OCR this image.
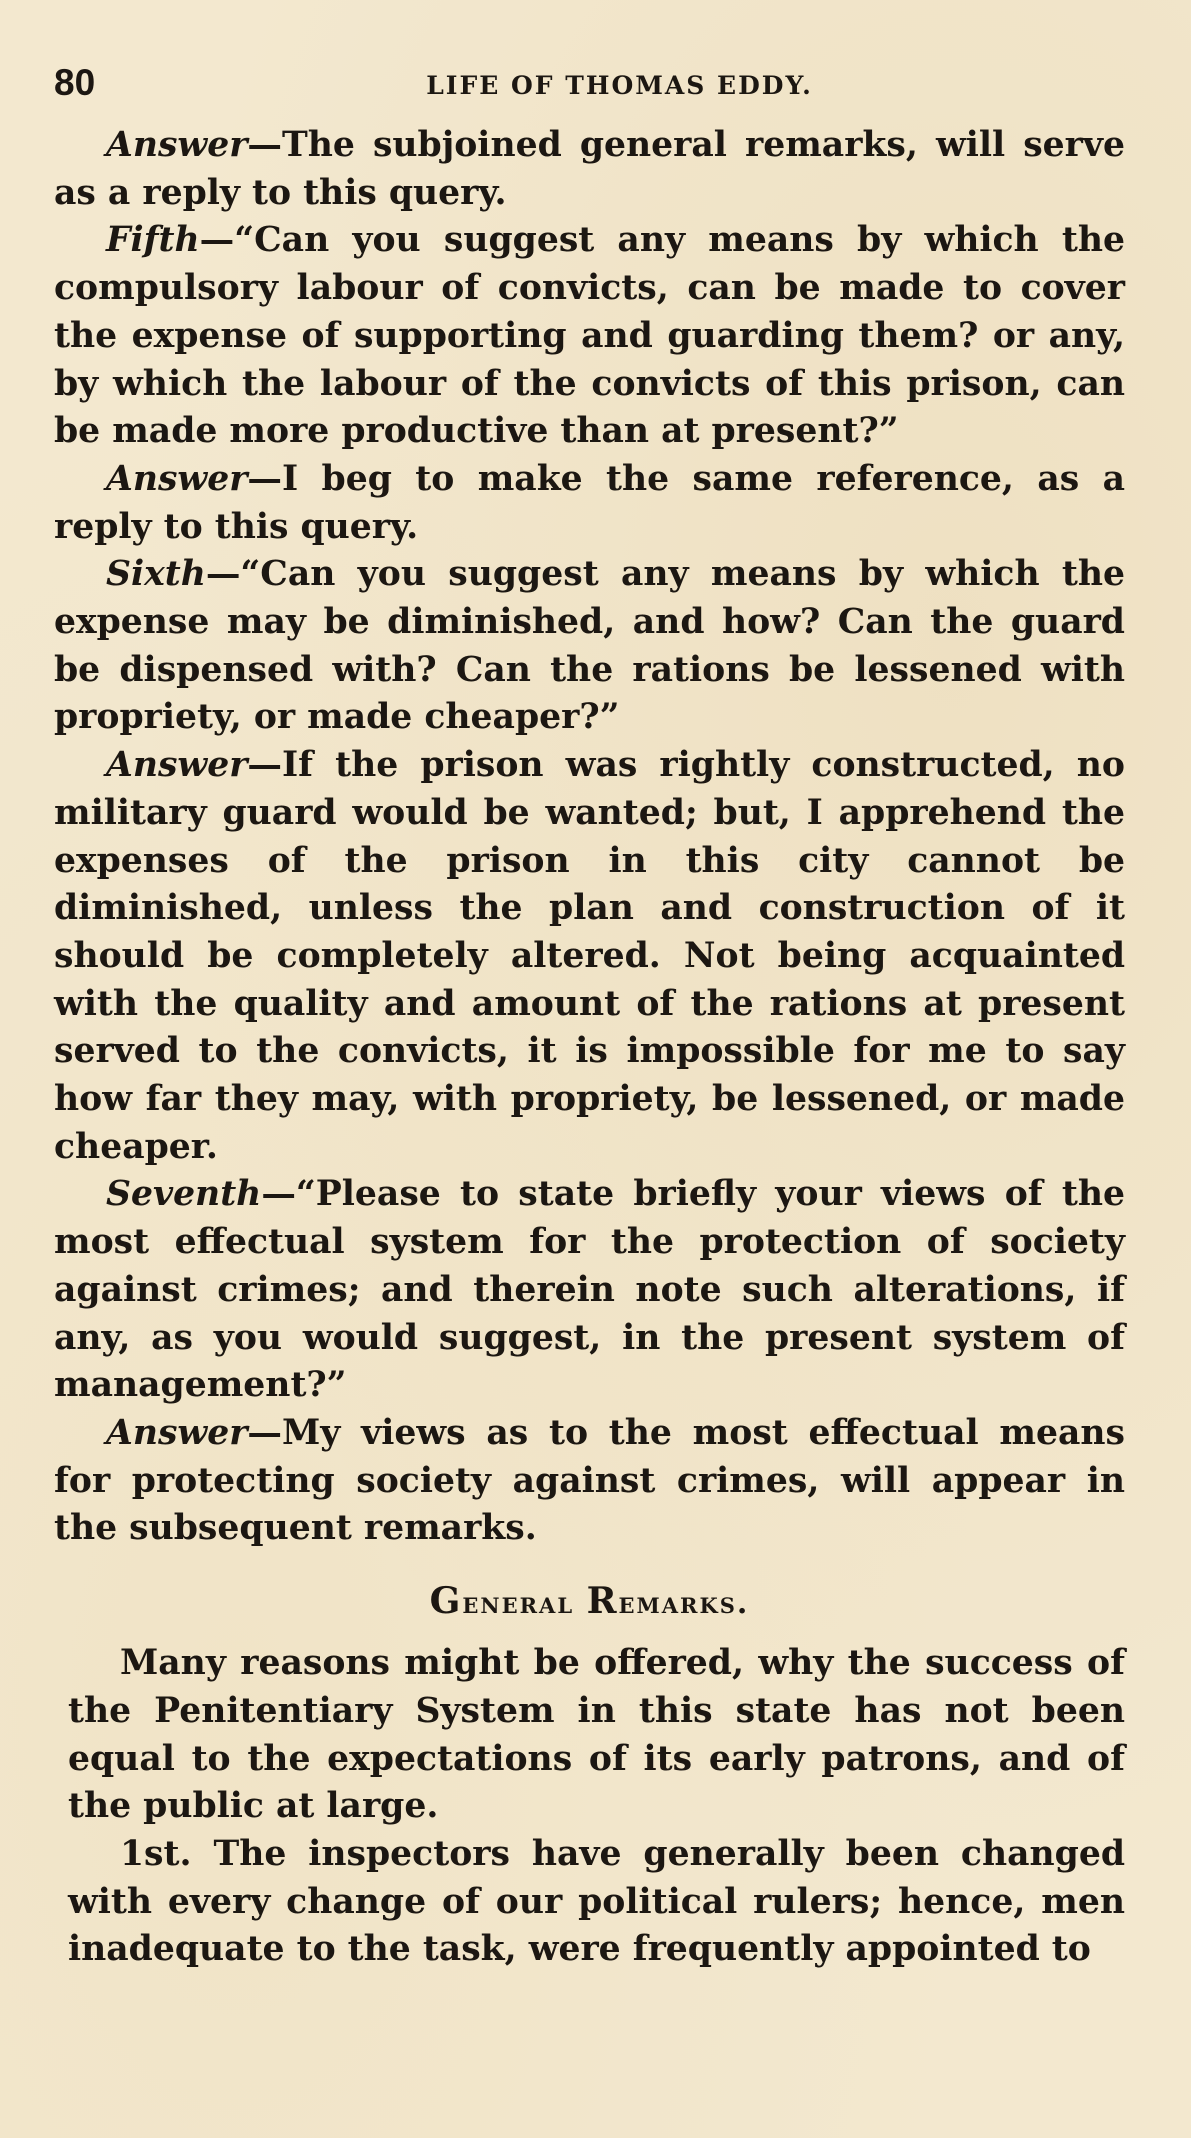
80	LIFE OF THOMAS EDDY.

Answer—The subjoined general remarks, will serve as a reply to this query.

Fifth—“Can you suggest any means by which the compulsory labour of convicts, can be made to cover the expense of supporting and guarding them? or any, by which the labour of the convicts of this prison, can be made more productive than at present?”

Answer—I beg to make the same reference, as a reply to this query.

Sixth—“Can you suggest any means by which the expense may be diminished, and how? Can the guard be dispensed with? Can the rations be lessened with propriety, or made cheaper?”

Answer—If the prison was rightly constructed, no military guard would be wanted; but, I apprehend the expenses of the prison in this city cannot be diminished, unless the plan and construction of it should be completely altered. Not being acquainted with the quality and amount of the rations at present served to the convicts, it is impossible for me to say how far they may, with propriety, be lessened, or made cheaper.

Seventh—“Please to state briefly your views of the most effectual system for the protection of society against crimes; and therein note such alterations, if any, as you would suggest, in the present system of management?”

Answer—My views as to the most effectual means for protecting society against crimes, will appear in the subsequent remarks.

General Remarks.

Many reasons might be offered, why the success of the Penitentiary System in this state has not been equal to the expectations of its early patrons, and of the public at large.

1st. The inspectors have generally been changed with every change of our political rulers; hence, men inadequate to the task, were frequently appointed to
